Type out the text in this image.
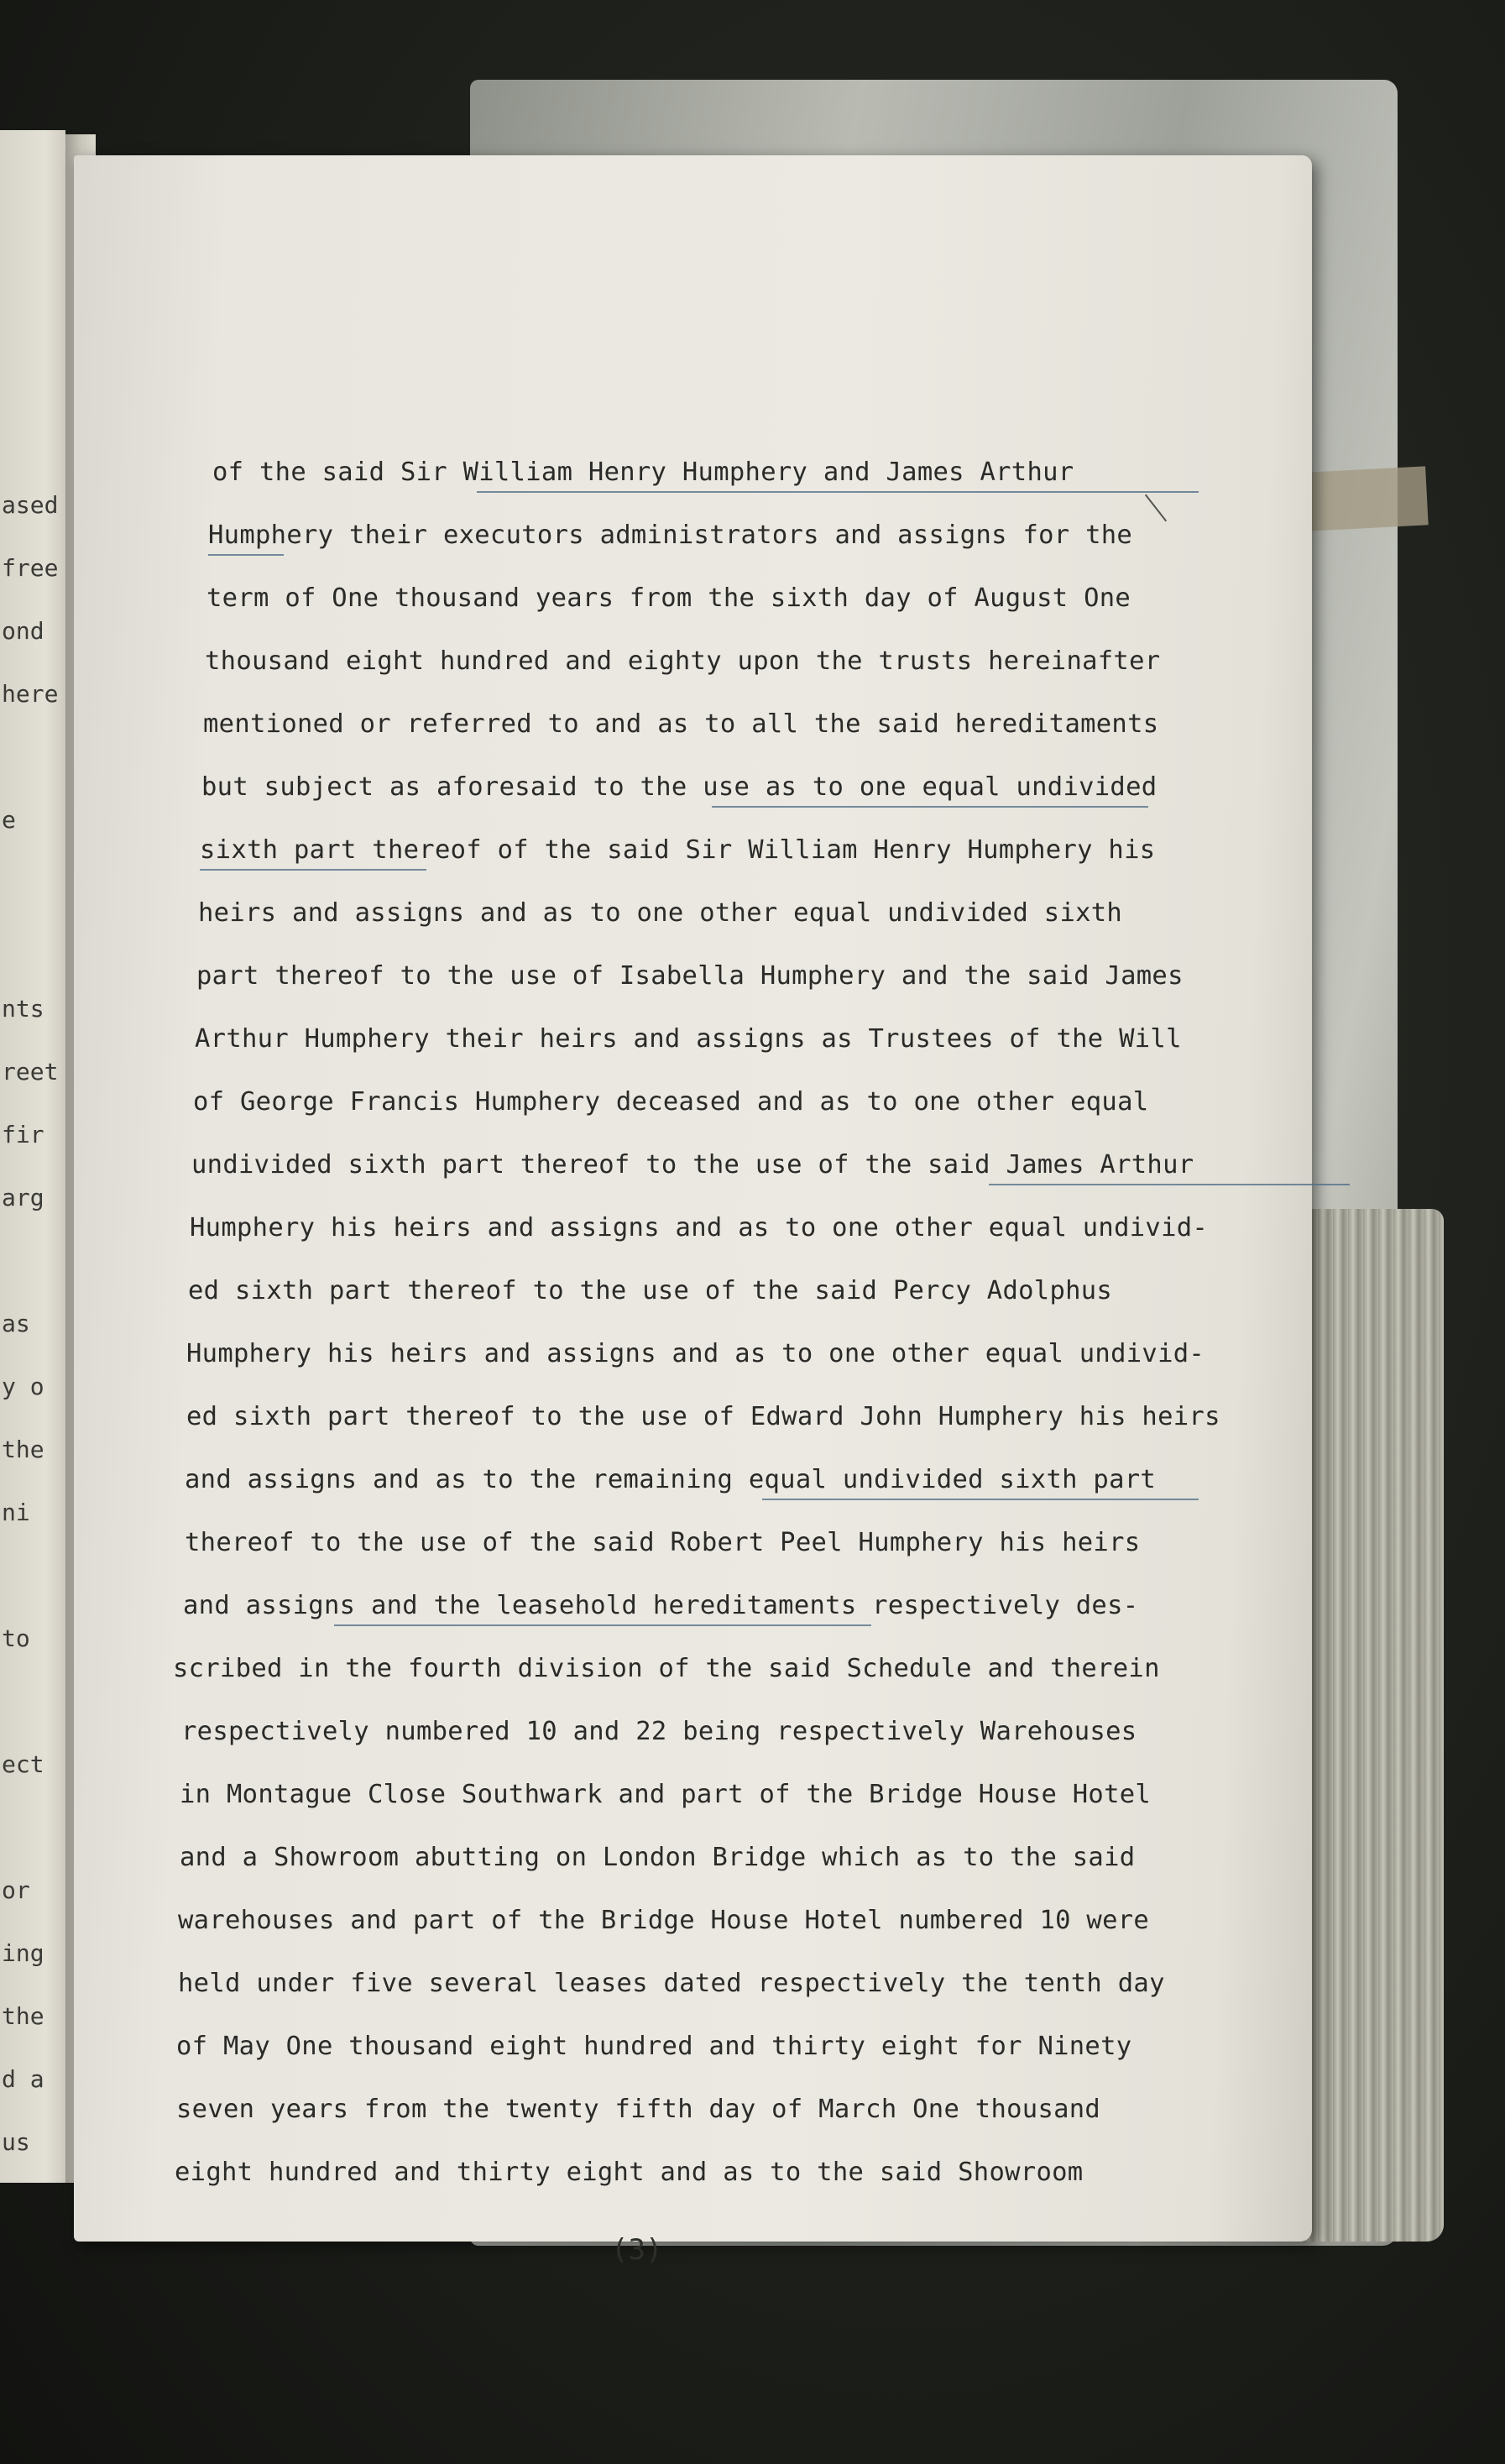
ased
free
ond
here
e
nts
reet
fir
arg
as
y o
the
ni
to
ect
or
ing
the
d a
us
of the said Sir William Henry Humphery and James Arthur
Humphery their executors administrators and assigns for the
term of One thousand years from the sixth day of August One
thousand eight hundred and eighty upon the trusts hereinafter
mentioned or referred to and as to all the said hereditaments
but subject as aforesaid to the use as to one equal undivided
sixth part thereof of the said Sir William Henry Humphery his
heirs and assigns and as to one other equal undivided sixth
part thereof to the use of Isabella Humphery and the said James
Arthur Humphery their heirs and assigns as Trustees of the Will
of George Francis Humphery deceased and as to one other equal
undivided sixth part thereof to the use of the said James Arthur
Humphery his heirs and assigns and as to one other equal undivid-
ed sixth part thereof to the use of the said Percy Adolphus
Humphery his heirs and assigns and as to one other equal undivid-
ed sixth part thereof to the use of Edward John Humphery his heirs
and assigns and as to the remaining equal undivided sixth part
thereof to the use of the said Robert Peel Humphery his heirs
and assigns and the leasehold hereditaments respectively des-
scribed in the fourth division of the said Schedule and therein
respectively numbered 10 and 22 being respectively Warehouses
in Montague Close Southwark and part of the Bridge House Hotel
and a Showroom abutting on London Bridge which as to the said
warehouses and part of the Bridge House Hotel numbered 10 were
held under five several leases dated respectively the tenth day
of May One thousand eight hundred and thirty eight for Ninety
seven years from the twenty fifth day of March One thousand
eight hundred and thirty eight and as to the said Showroom
(3)
